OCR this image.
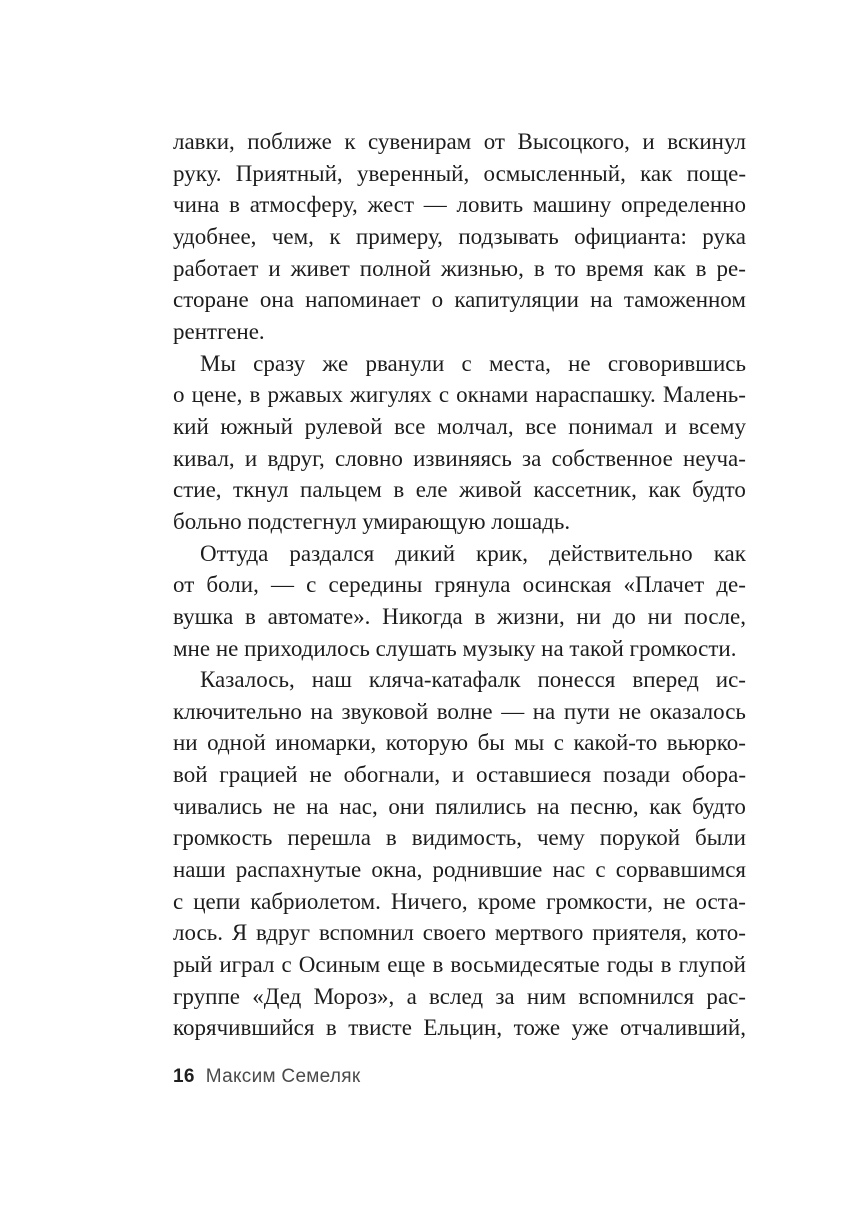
лавки, поближе к сувенирам от Высоцкого, и вскинул
руку. Приятный, уверенный, осмысленный, как поще-
чина в атмосферу, жест — ловить машину определенно
удобнее, чем, к примеру, подзывать официанта: рука
работает и живет полной жизнью, в то время как в ре-
сторане она напоминает о капитуляции на таможенном
рентгене.
Мы сразу же рванули с места, не сговорившись
о цене, в ржавых жигулях с окнами нараспашку. Малень-
кий южный рулевой все молчал, все понимал и всему
кивал, и вдруг, словно извиняясь за собственное неуча-
стие, ткнул пальцем в еле живой кассетник, как будто
больно подстегнул умирающую лошадь.
Оттуда раздался дикий крик, действительно как
от боли, — с середины грянула осинская «Плачет де-
вушка в автомате». Никогда в жизни, ни до ни после,
мне не приходилось слушать музыку на такой громкости.
Казалось, наш кляча-катафалк понесся вперед ис-
ключительно на звуковой волне — на пути не оказалось
ни одной иномарки, которую бы мы с какой-то вьюрко-
вой грацией не обогнали, и оставшиеся позади обора-
чивались не на нас, они пялились на песню, как будто
громкость перешла в видимость, чему порукой были
наши распахнутые окна, роднившие нас с сорвавшимся
с цепи кабриолетом. Ничего, кроме громкости, не оста-
лось. Я вдруг вспомнил своего мертвого приятеля, кото-
рый играл с Осиным еще в восьмидесятые годы в глупой
группе «Дед Мороз», а вслед за ним вспомнился рас-
корячившийся в твисте Ельцин, тоже уже отчаливший,
16 Максим Семеляк
